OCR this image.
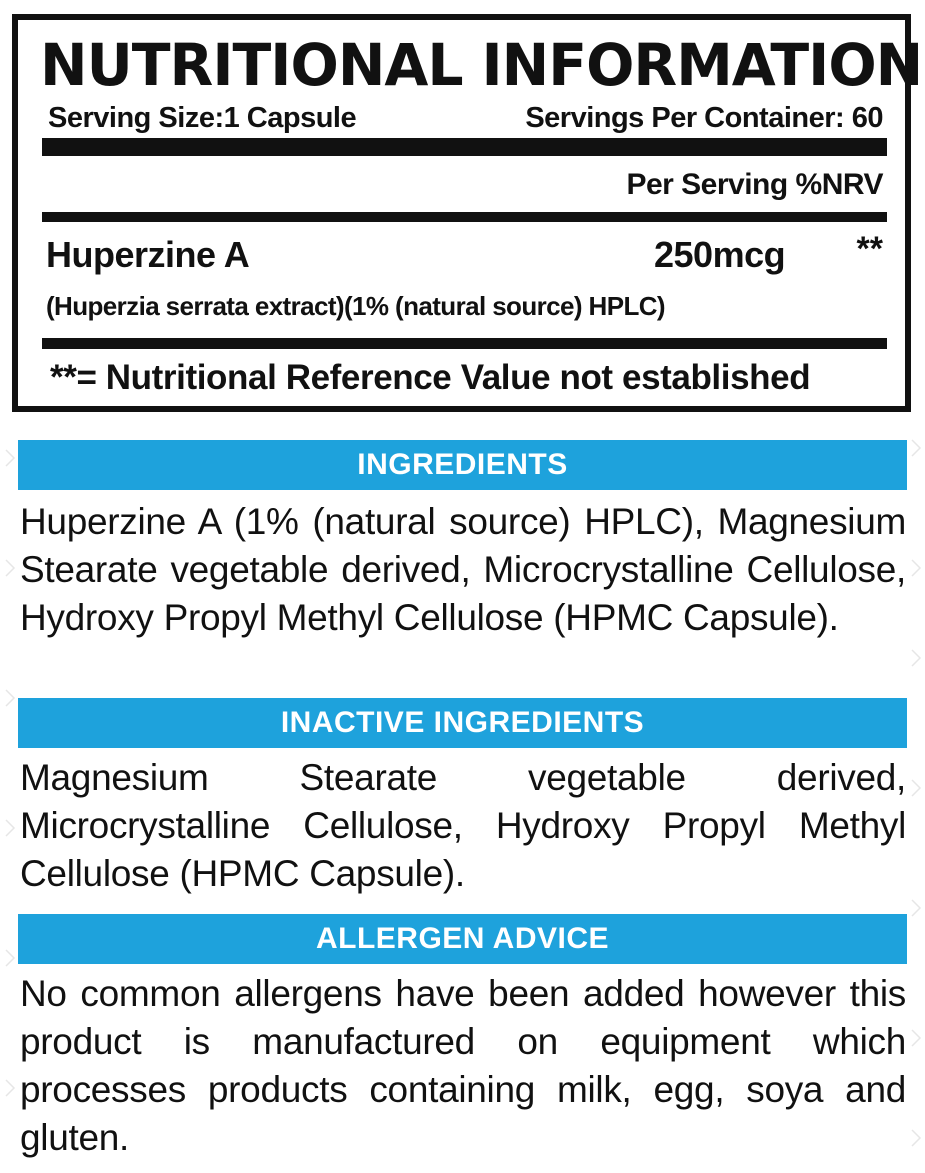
NUTRITIONAL INFORMATION
Serving Size:1 Capsule	Servings Per Container: 60
Per Serving %NRV
Huperzine A	250mcg **
(Huperzia serrata extract)(1% (natural source) HPLC)
**= Nutritional Reference Value not established
INGREDIENTS
Huperzine A (1% (natural source) HPLC), Magnesium Stearate vegetable derived, Microcrystalline Cellulose, Hydroxy Propyl Methyl Cellulose (HPMC Capsule).
INACTIVE INGREDIENTS
Magnesium Stearate vegetable derived, Microcrystalline Cellulose, Hydroxy Propyl Methyl Cellulose (HPMC Capsule).
ALLERGEN ADVICE
No common allergens have been added however this product is manufactured on equipment which processes products containing milk, egg, soya and gluten.
